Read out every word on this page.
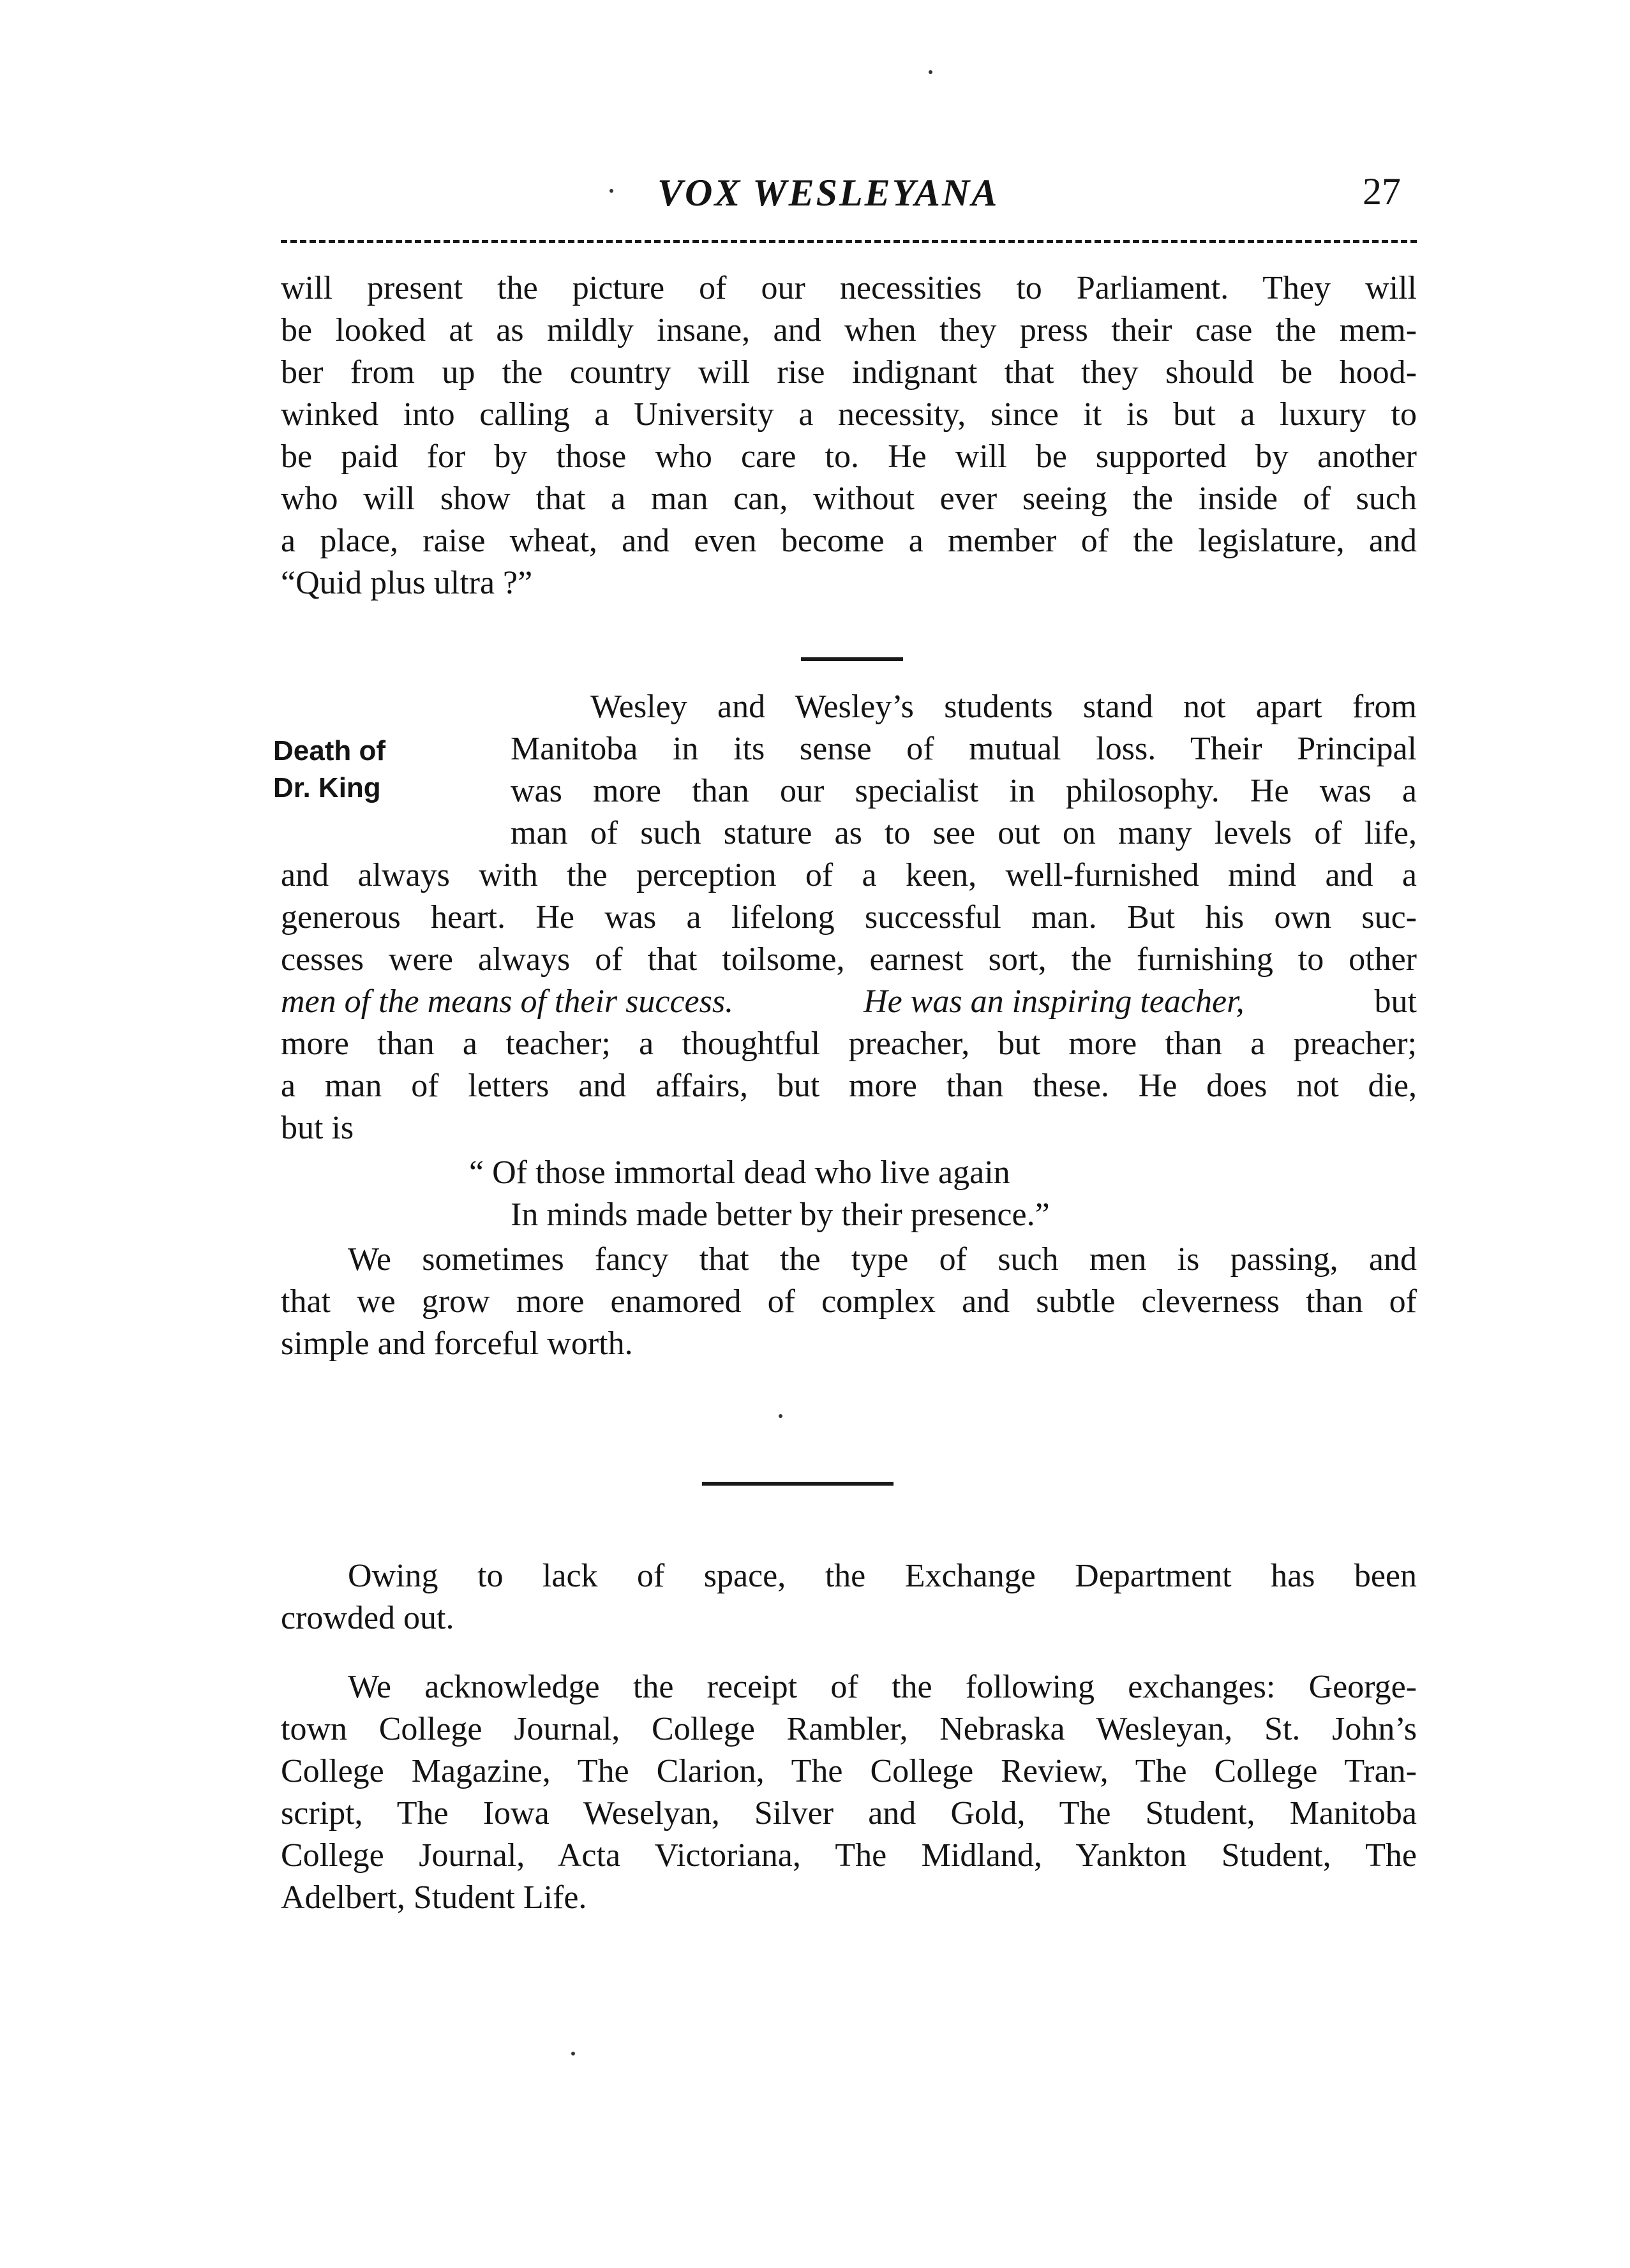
VOX WESLEYANA	27
will present the picture of our necessities to Parliament. They will
be looked at as mildly insane, and when they press their case the mem-
ber from up the country will rise indignant that they should be hood-
winked into calling a University a necessity, since it is but a luxury to
be paid for by those who care to. He will be supported by another
who will show that a man can, without ever seeing the inside of such
a place, raise wheat, and even become a member of the legislature, and
“Quid plus ultra ?”
Death of
Dr. King
Wesley and Wesley’s students stand not apart from
Manitoba in its sense of mutual loss. Their Principal
was more than our specialist in philosophy. He was a
man of such stature as to see out on many levels of life,
and always with the perception of a keen, well-furnished mind and a
generous heart. He was a lifelong successful man. But his own suc-
cesses were always of that toilsome, earnest sort, the furnishing to other
men of the means of their success.	He was an inspiring teacher,	but
more than a teacher; a thoughtful preacher, but more than a preacher;
a man of letters and affairs, but more than these. He does not die,
but is
“ Of those immortal dead who live again
In minds made better by their presence.”
We sometimes fancy that the type of such men is passing, and
that we grow more enamored of complex and subtle cleverness than of
simple and forceful worth.
Owing to lack of space, the Exchange Department has been
crowded out.
We acknowledge the receipt of the following exchanges: George-
town College Journal, College Rambler, Nebraska Wesleyan, St. John’s
College Magazine, The Clarion, The College Review, The College Tran-
script, The Iowa Weselyan, Silver and Gold, The Student, Manitoba
College Journal, Acta Victoriana, The Midland, Yankton Student, The
Adelbert, Student Life.
